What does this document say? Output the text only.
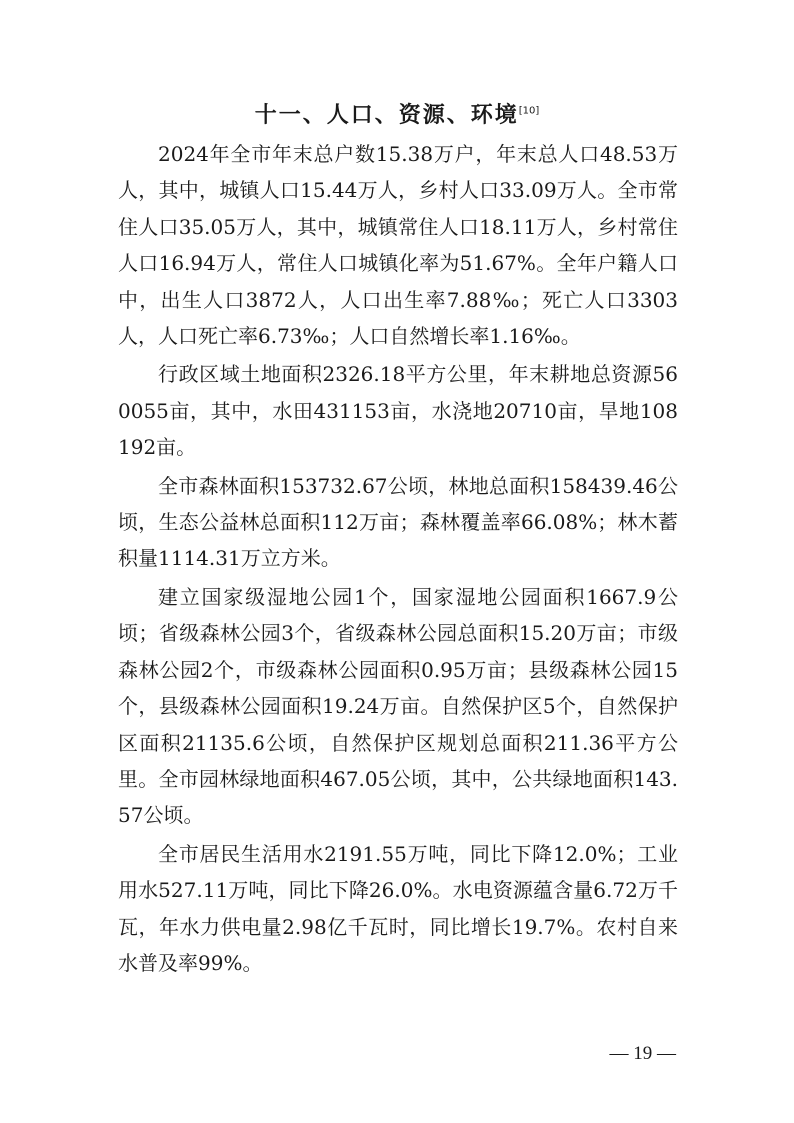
十一、人口、资源、环境[10]

2024年全市年末总户数15.38万户，年末总人口48.53万人，其中，城镇人口15.44万人，乡村人口33.09万人。全市常住人口35.05万人，其中，城镇常住人口18.11万人，乡村常住人口16.94万人，常住人口城镇化率为51.67%。全年户籍人口中，出生人口3872人，人口出生率7.88‰；死亡人口3303人，人口死亡率6.73‰；人口自然增长率1.16‰。

行政区域土地面积2326.18平方公里，年末耕地总资源560055亩，其中，水田431153亩，水浇地20710亩，旱地108192亩。

全市森林面积153732.67公顷，林地总面积158439.46公顷，生态公益林总面积112万亩；森林覆盖率66.08%；林木蓄积量1114.31万立方米。

建立国家级湿地公园1个，国家湿地公园面积1667.9公顷；省级森林公园3个，省级森林公园总面积15.20万亩；市级森林公园2个，市级森林公园面积0.95万亩；县级森林公园15个，县级森林公园面积19.24万亩。自然保护区5个，自然保护区面积21135.6公顷，自然保护区规划总面积211.36平方公里。全市园林绿地面积467.05公顷，其中，公共绿地面积143.57公顷。

全市居民生活用水2191.55万吨，同比下降12.0%；工业用水527.11万吨，同比下降26.0%。水电资源蕴含量6.72万千瓦，年水力供电量2.98亿千瓦时，同比增长19.7%。农村自来水普及率99%。

— 19 —
